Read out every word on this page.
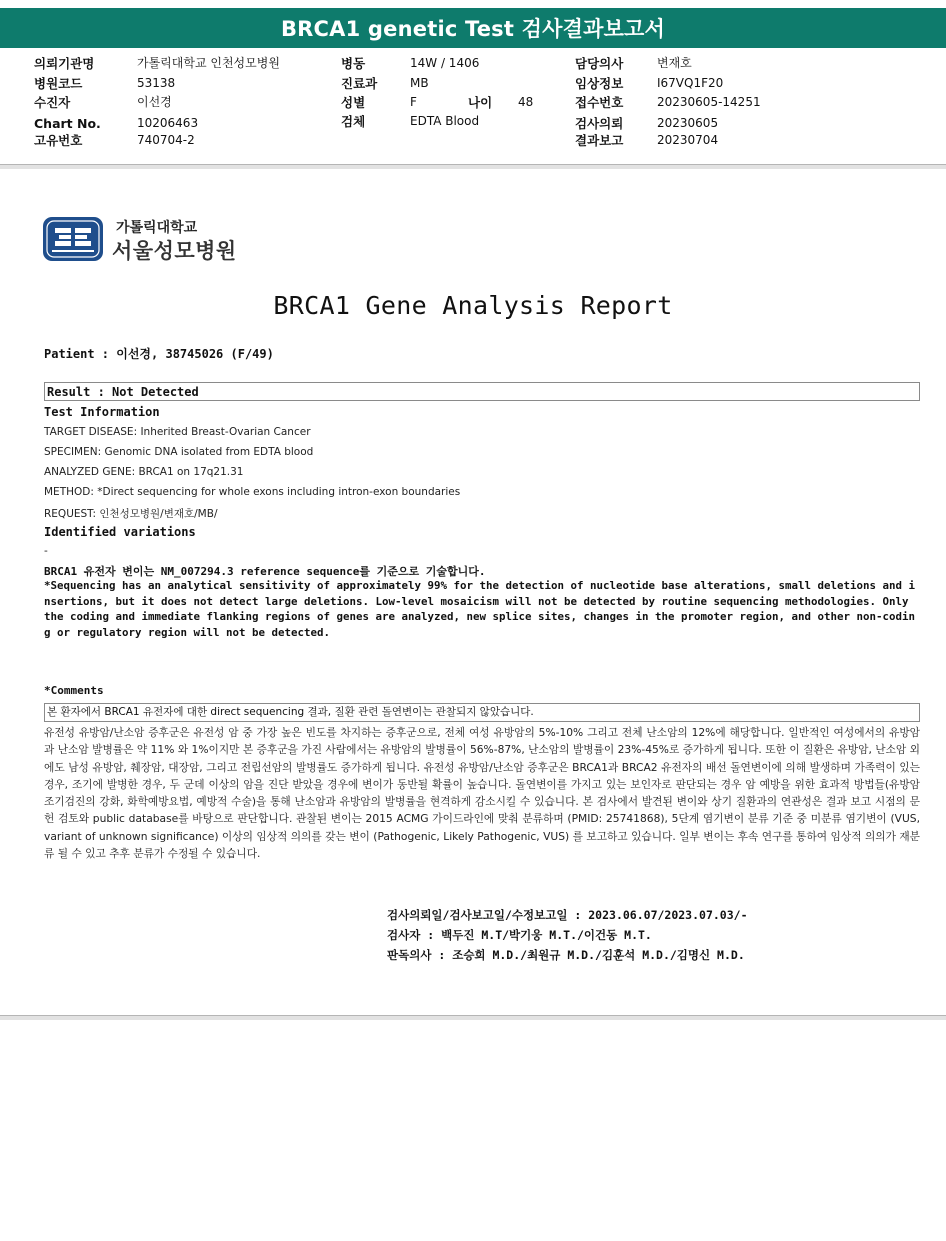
BRCA1 genetic Test 검사결과보고서
의뢰기관명	가톨릭대학교 인천성모병원
병원코드	53138
수진자	이선경
Chart No.	10206463
고유번호	740704-2
병동	14W / 1406
진료과	MB
성별	F	나이 48
검체	EDTA Blood
담당의사	변재호
임상정보	I67VQ1F20
접수번호	20230605-14251
검사의뢰	20230605
결과보고	20230704
가톨릭대학교
서울성모병원
BRCA1 Gene Analysis Report
Patient : 이선경, 38745026 (F/49)
Result : Not Detected
Test Information
TARGET DISEASE: Inherited Breast-Ovarian Cancer
SPECIMEN: Genomic DNA isolated from EDTA blood
ANALYZED GENE: BRCA1 on 17q21.31
METHOD: *Direct sequencing for whole exons including intron-exon boundaries
REQUEST: 인천성모병원/변재호/MB/
Identified variations
-
BRCA1 유전자 변이는 NM_007294.3 reference sequence를 기준으로 기술합니다.
*Sequencing has an analytical sensitivity of approximately 99% for the detection of nucleotide base alterations, small deletions and insertions, but it does not detect large deletions. Low-level mosaicism will not be detected by routine sequencing methodologies. Only the coding and immediate flanking regions of genes are analyzed, new splice sites, changes in the promoter region, and other non-coding or regulatory region will not be detected.
*Comments
본 환자에서 BRCA1 유전자에 대한 direct sequencing 결과, 질환 관련 돌연변이는 관찰되지 않았습니다.
유전성 유방암/난소암 증후군은 유전성 암 중 가장 높은 빈도를 차지하는 증후군으로, 전체 여성 유방암의 5%-10% 그리고 전체 난소암의 12%에 해당합니다. 일반적인 여성에서의 유방암과 난소암 발병률은 약 11% 와 1%이지만 본 증후군을 가진 사람에서는 유방암의 발병률이 56%-87%, 난소암의 발병률이 23%-45%로 증가하게 됩니다. 또한 이 질환은 유방암, 난소암 외에도 남성 유방암, 췌장암, 대장암, 그리고 전립선암의 발병률도 증가하게 됩니다. 유전성 유방암/난소암 증후군은 BRCA1과 BRCA2 유전자의 배선 돌연변이에 의해 발생하며 가족력이 있는 경우, 조기에 발병한 경우, 두 군데 이상의 암을 진단 받았을 경우에 변이가 동반될 확률이 높습니다. 돌연변이를 가지고 있는 보인자로 판단되는 경우 암 예방을 위한 효과적 방법들(유방암 조기검진의 강화, 화학예방요법, 예방적 수술)을 통해 난소암과 유방암의 발병률을 현격하게 감소시킬 수 있습니다. 본 검사에서 발견된 변이와 상기 질환과의 연관성은 결과 보고 시점의 문헌 검토와 public database를 바탕으로 판단합니다. 관찰된 변이는 2015 ACMG 가이드라인에 맞춰 분류하며 (PMID: 25741868), 5단계 염기변이 분류 기준 중 미분류 염기변이 (VUS, variant of unknown significance) 이상의 임상적 의의를 갖는 변이 (Pathogenic, Likely Pathogenic, VUS) 를 보고하고 있습니다. 일부 변이는 후속 연구를 통하여 임상적 의의가 재분류 될 수 있고 추후 분류가 수정될 수 있습니다.
검사의뢰일/검사보고일/수정보고일 : 2023.06.07/2023.07.03/-
검사자 : 백두진 M.T/박기웅 M.T./이건동 M.T.
판독의사 : 조승희 M.D./최원규 M.D./김훈석 M.D./김명신 M.D.
